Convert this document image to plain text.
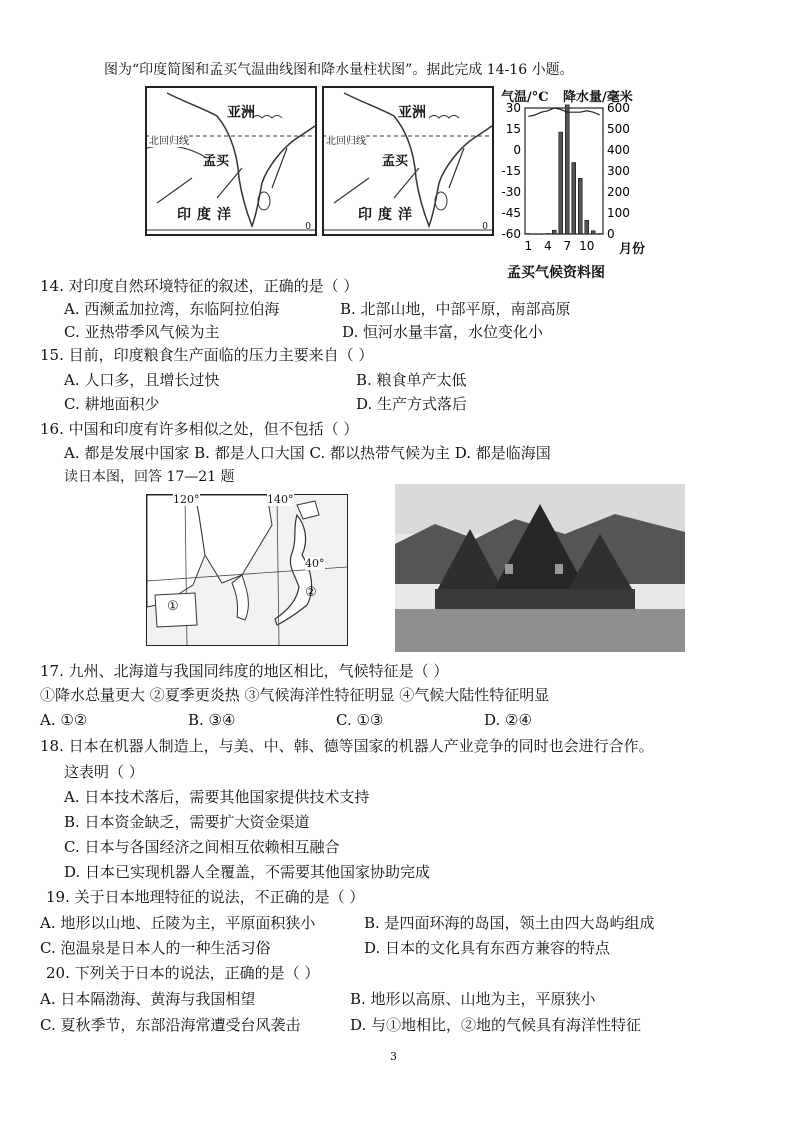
图为“印度简图和孟买气温曲线图和降水量柱状图”。据此完成 14-16 小题。
亚洲
北回归线
孟买
印度洋
0
亚洲
北回归线
孟买
印度洋
0
气温/°C 降水量/毫米
30
15
0
-15
-30
-45
-60
600
500
400
300
200
100
0
1 4 7 10 月份
孟买气候资料图
14. 对印度自然环境特征的叙述，正确的是（ ）
A. 西濒孟加拉湾，东临阿拉伯海	B. 北部山地，中部平原，南部高原
C. 亚热带季风气候为主	D. 恒河水量丰富，水位变化小
15. 目前，印度粮食生产面临的压力主要来自（ ）
A. 人口多，且增长过快	B. 粮食单产太低
C. 耕地面积少	D. 生产方式落后
16. 中国和印度有许多相似之处，但不包括（ ）
A. 都是发展中国家 B. 都是人口大国 C. 都以热带气候为主 D. 都是临海国
读日本图，回答 17—21 题
120°	140°
40°
①
②
17. 九州、北海道与我国同纬度的地区相比，气候特征是（ ）
①降水总量更大 ②夏季更炎热 ③气候海洋性特征明显 ④气候大陆性特征明显
A. ①②	B. ③④	C. ①③	D. ②④
18. 日本在机器人制造上，与美、中、韩、德等国家的机器人产业竞争的同时也会进行合作。
这表明（ ）
A. 日本技术落后，需要其他国家提供技术支持
B. 日本资金缺乏，需要扩大资金渠道
C. 日本与各国经济之间相互依赖相互融合
D. 日本已实现机器人全覆盖，不需要其他国家协助完成
19. 关于日本地理特征的说法，不正确的是（ ）
A. 地形以山地、丘陵为主，平原面积狭小	B. 是四面环海的岛国，领土由四大岛屿组成
C. 泡温泉是日本人的一种生活习俗	D. 日本的文化具有东西方兼容的特点
20. 下列关于日本的说法，正确的是（ ）
A. 日本隔渤海、黄海与我国相望	B. 地形以高原、山地为主，平原狭小
C. 夏秋季节，东部沿海常遭受台风袭击	D. 与①地相比，②地的气候具有海洋性特征
3
